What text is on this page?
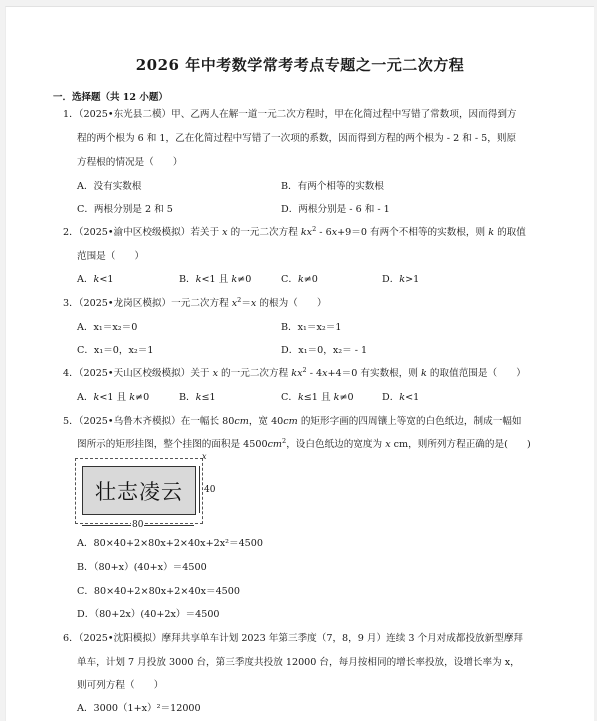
2026 年中考数学常考考点专题之一元二次方程
一．选择题（共 12 小题）
1．（2025•东光县二模）甲、乙两人在解一道一元二次方程时，甲在化简过程中写错了常数项，因而得到方
程的两个根为 6 和 1，乙在化简过程中写错了一次项的系数，因而得到方程的两个根为 - 2 和 - 5，则原
方程根的情况是（　　）
A．没有实数根	B．有两个相等的实数根
C．两根分别是 2 和 5	D．两根分别是 - 6 和 - 1
2．（2025•渝中区校级模拟）若关于 x 的一元二次方程 $kx^2 - 6x+9=0$ 有两个不相等的实数根，则 k 的取值
范围是（　　）
A．k<1	B．k<1 且 k≠0	C．k≠0	D．k>1
3．（2025•龙岗区模拟）一元二次方程 $x^2=x$ 的根为（　　）
A．x₁＝x₂＝0	B．x₁＝x₂＝1
C．x₁＝0，x₂＝1	D．x₁＝0，x₂＝ - 1
4．（2025•天山区校级模拟）关于 x 的一元二次方程 $kx^2 - 4x+4=0$ 有实数根，则 k 的取值范围是（　　）
A．k<1 且 k≠0	B．k≤1	C．k≤1 且 k≠0	D．k<1
5．（2025•乌鲁木齐模拟）在一幅长 80cm，宽 40cm 的矩形字画的四周镶上等宽的白色纸边，制成一幅如
图所示的矩形挂图，整个挂图的面积是 $4500cm^2$，设白色纸边的宽度为 x cm，则所列方程正确的是(　　)
壮志凌云	40
x
80
A．80×40+2×80x+2×40x+2x²＝4500
B．（80+x）(40+x）＝4500
C．80×40+2×80x+2×40x＝4500
D．（80+2x）(40+2x）＝4500
6．（2025•沈阳模拟）摩拜共享单车计划 2023 年第三季度（7，8，9 月）连续 3 个月对成都投放新型摩拜
单车，计划 7 月投放 3000 台，第三季度共投放 12000 台，每月按相同的增长率投放，设增长率为 x，
则可列方程（　　）
A．3000（1+x）²＝12000
